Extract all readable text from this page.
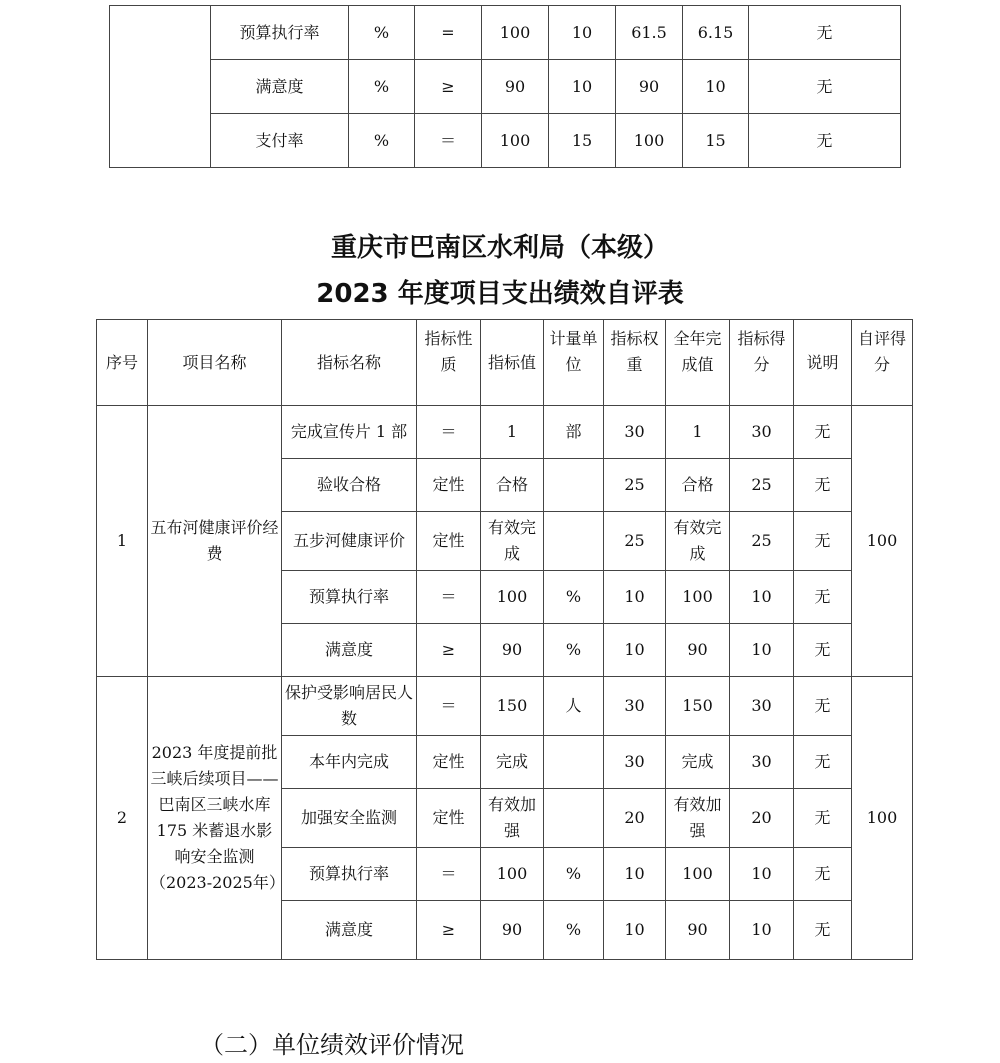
	预算执行率	%	=	100	10	61.5	6.15	无
	满意度	%	≥	90	10	90	10	无
	支付率	%	＝	100	15	100	15	无
重庆市巴南区水利局（本级）
2023 年度项目支出绩效自评表
序号	项目名称	指标名称	指标性质	指标值	计量单位	指标权重	全年完成值	指标得分	说明	自评得分
1	五布河健康评价经费	完成宣传片 1 部	＝	1	部	30	1	30	无	100
		验收合格	定性	合格		25	合格	25	无	
		五步河健康评价	定性	有效完成		25	有效完成	25	无	
		预算执行率	＝	100	%	10	100	10	无	
		满意度	≥	90	%	10	90	10	无	
2	2023 年度提前批三峡后续项目——巴南区三峡水库 175 米蓄退水影响安全监测（2023-2025年）	保护受影响居民人数	＝	150	人	30	150	30	无	100
		本年内完成	定性	完成		30	完成	30	无	
		加强安全监测	定性	有效加强		20	有效加强	20	无	
		预算执行率	＝	100	%	10	100	10	无	
		满意度	≥	90	%	10	90	10	无	
（二）单位绩效评价情况
